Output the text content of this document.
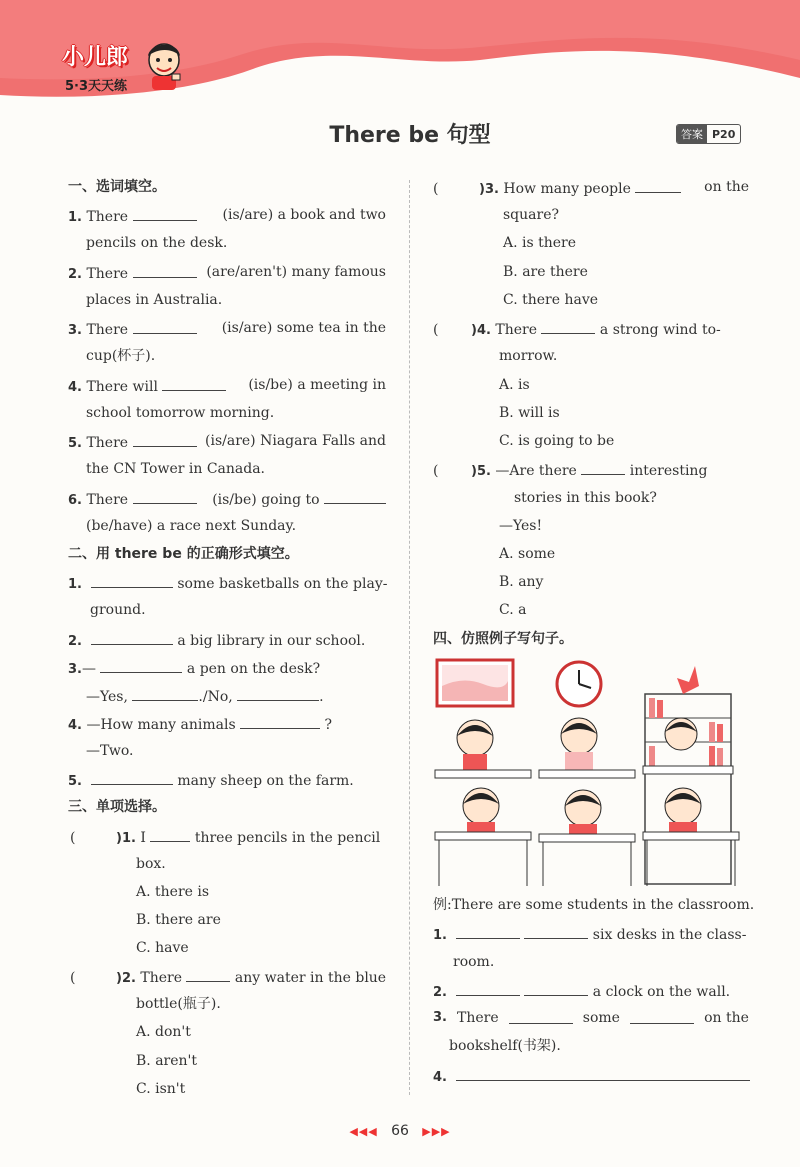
小儿郎
5·3天天练
There be 句型	答案 P20
一、选词填空。
1. There	(is/are) a book and two
pencils on the desk.
2. There	(are/aren't) many famous
places in Australia.
3. There	(is/are) some tea in the
cup(杯子).
4. There will	(is/be) a meeting in
school tomorrow morning.
5. There	(is/are) Niagara Falls and
the CN Tower in Canada.
6. There	(is/be) going to
(be/have) a race next Sunday.
二、用 there be 的正确形式填空。
1.	some basketballs on the play-
ground.
2.	a big library in our school.
3.—	a pen on the desk?
—Yes,	./No,	.
4. —How many animals	?
—Two.
5.	many sheep on the farm.
三、单项选择。
(	)1. I	three pencils in the pencil
box.
A. there is
B. there are
C. have
(	)2. There	any water in the blue
bottle(瓶子).
A. don't
B. aren't
C. isn't
(	)3. How many people	on the
square?
A. is there
B. are there
C. there have
(	)4. There	a strong wind to-
morrow.
A. is
B. will is
C. is going to be
(	)5. —Are there	interesting
stories in this book?
—Yes!
A. some
B. any
C. a
四、仿照例子写句子。
例:There are some students in the classroom.
1.	six desks in the class-
room.
2.	a clock on the wall.
3. There	some	on the
bookshelf(书架).
4.
◀◀◀ 66 ▶▶▶
